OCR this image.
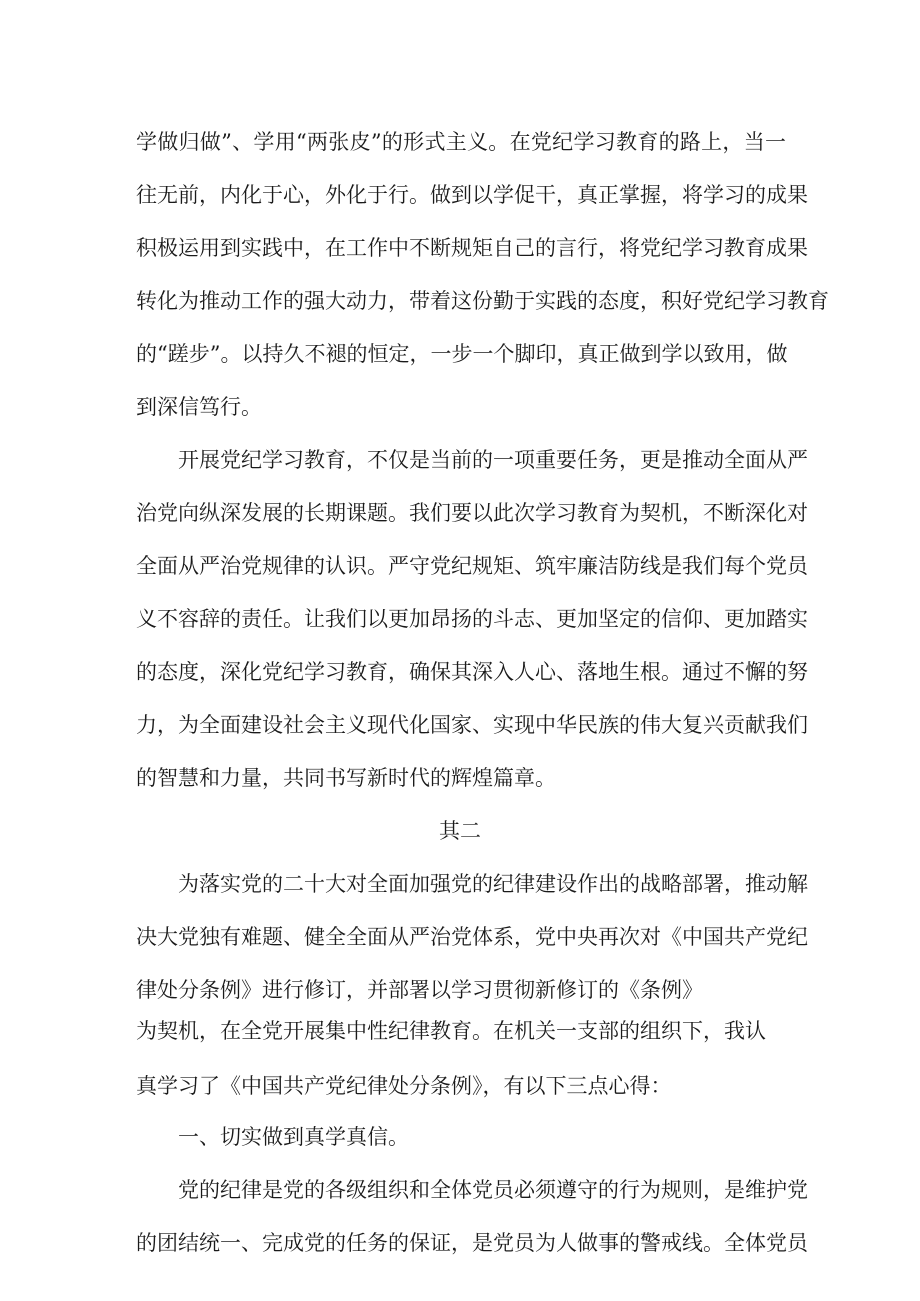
学做归做”、学用“两张皮”的形式主义。在党纪学习教育的路上，当一
往无前，内化于心，外化于行。做到以学促干，真正掌握，将学习的成果
积极运用到实践中，在工作中不断规矩自己的言行，将党纪学习教育成果
转化为推动工作的强大动力，带着这份勤于实践的态度，积好党纪学习教育
的“蹉步”。以持久不褪的恒定，一步一个脚印，真正做到学以致用，做
到深信笃行。
开展党纪学习教育，不仅是当前的一项重要任务，更是推动全面从严
治党向纵深发展的长期课题。我们要以此次学习教育为契机，不断深化对
全面从严治党规律的认识。严守党纪规矩、筑牢廉洁防线是我们每个党员
义不容辞的责任。让我们以更加昂扬的斗志、更加坚定的信仰、更加踏实
的态度，深化党纪学习教育，确保其深入人心、落地生根。通过不懈的努
力，为全面建设社会主义现代化国家、实现中华民族的伟大复兴贡献我们
的智慧和力量，共同书写新时代的辉煌篇章。
其二
为落实党的二十大对全面加强党的纪律建设作出的战略部署，推动解
决大党独有难题、健全全面从严治党体系，党中央再次对《中国共产党纪
律处分条例》进行修订，并部署以学习贯彻新修订的《条例》
为契机，在全党开展集中性纪律教育。在机关一支部的组织下，我认
真学习了《中国共产党纪律处分条例》，有以下三点心得：
一、切实做到真学真信。
党的纪律是党的各级组织和全体党员必须遵守的行为规则，是维护党
的团结统一、完成党的任务的保证，是党员为人做事的警戒线。全体党员
